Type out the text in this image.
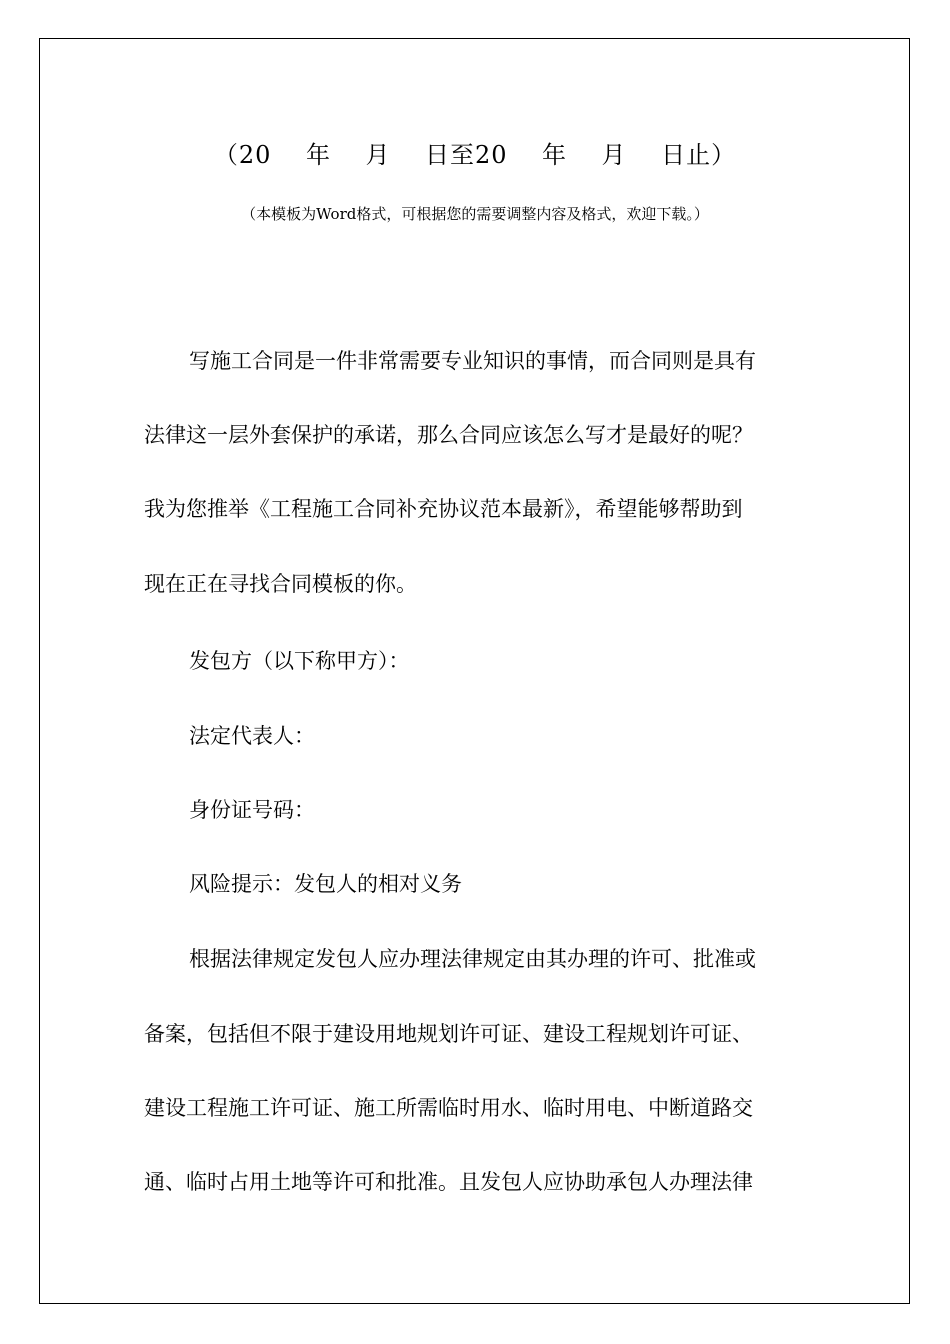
（20    年    月    日至20    年    月    日止）
（本模板为Word格式，可根据您的需要调整内容及格式，欢迎下载。）
写施工合同是一件非常需要专业知识的事情，而合同则是具有
法律这一层外套保护的承诺，那么合同应该怎么写才是最好的呢？
我为您推举《工程施工合同补充协议范本最新》，希望能够帮助到
现在正在寻找合同模板的你。
发包方（以下称甲方）：
法定代表人：
身份证号码：
风险提示：发包人的相对义务
根据法律规定发包人应办理法律规定由其办理的许可、批准或
备案，包括但不限于建设用地规划许可证、建设工程规划许可证、
建设工程施工许可证、施工所需临时用水、临时用电、中断道路交
通、临时占用土地等许可和批准。且发包人应协助承包人办理法律
